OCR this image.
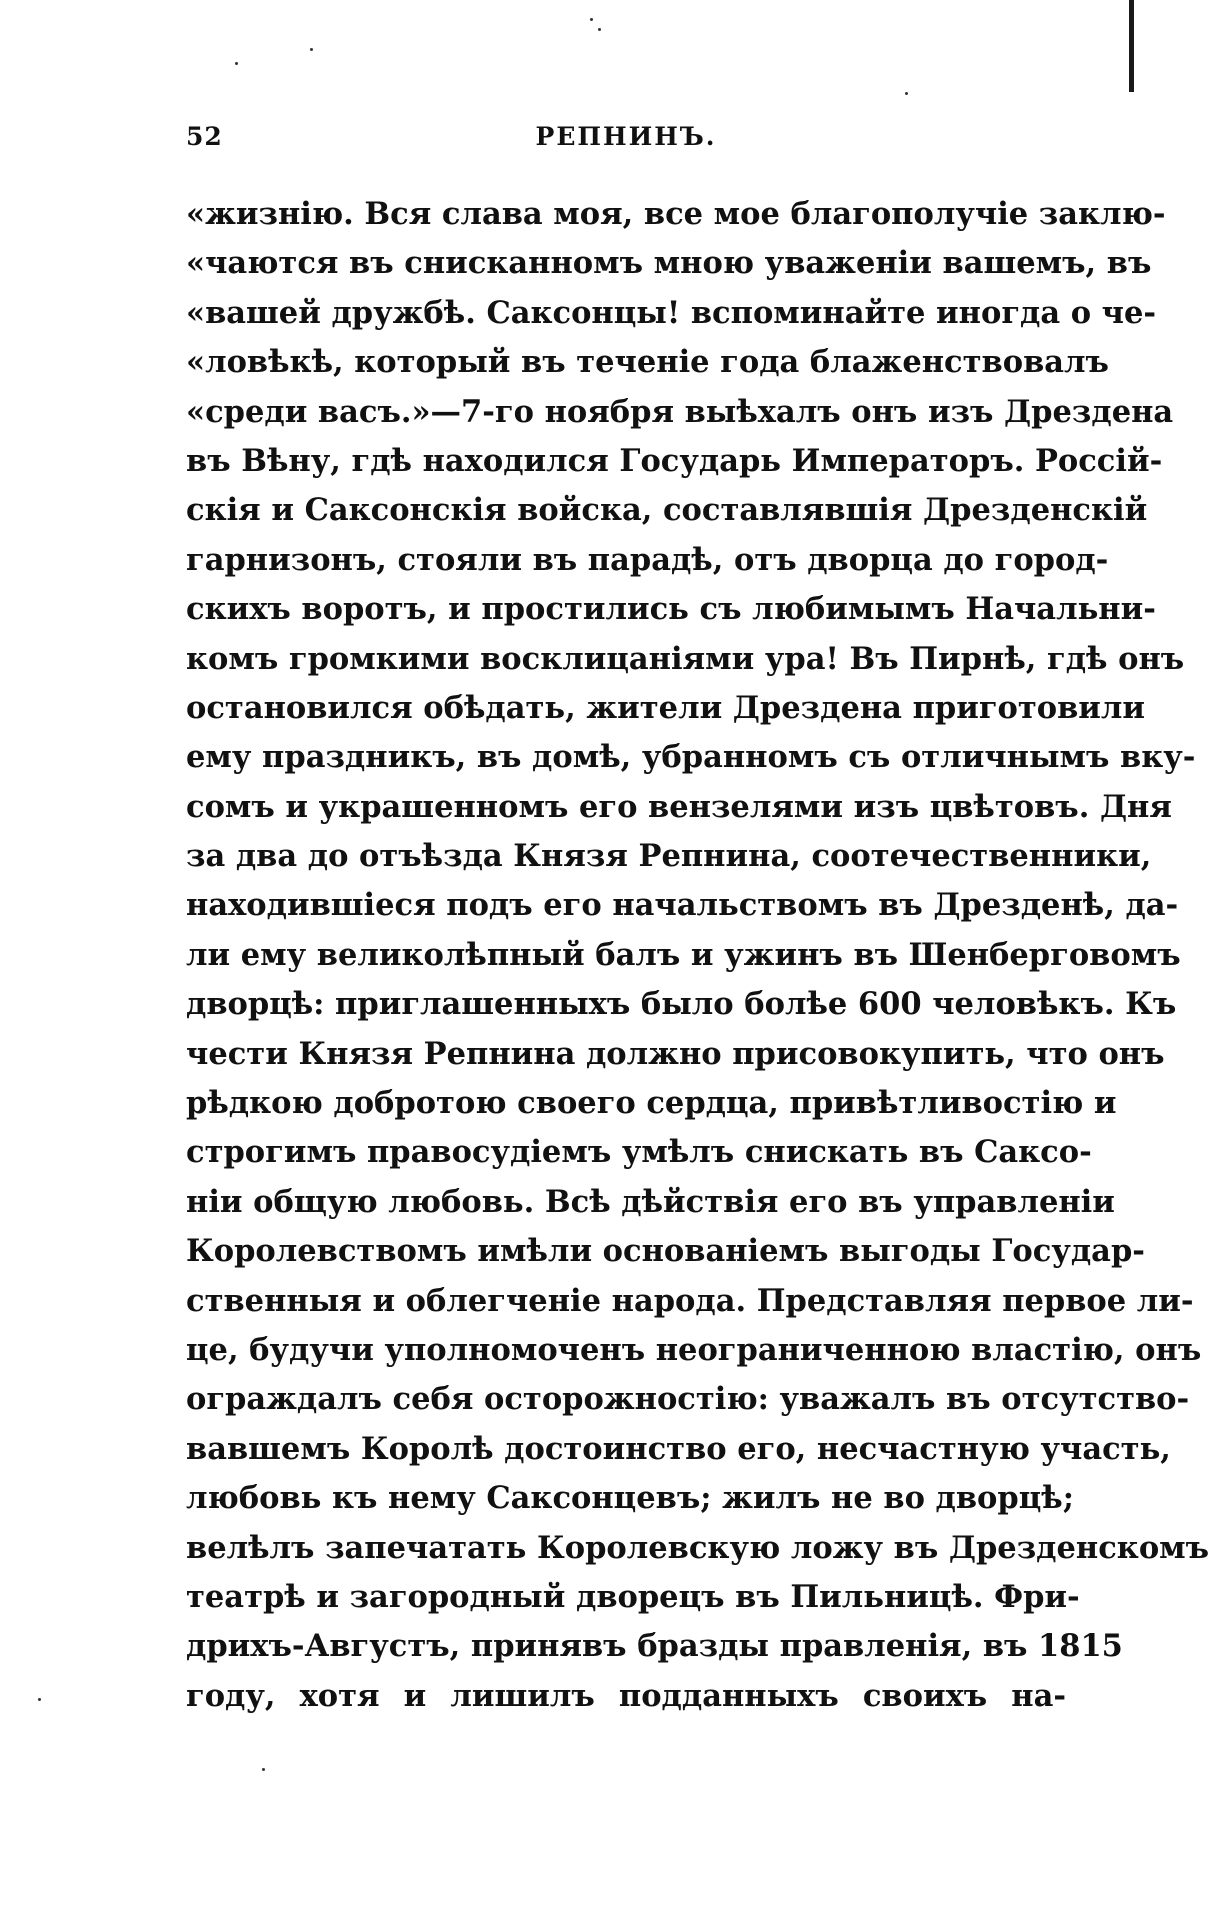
52	РЕПНИНЪ.
«жизнію. Вся слава моя, все мое благополучіе заклю-
«чаются въ снисканномъ мною уваженіи вашемъ, въ
«вашей дружбѣ. Саксонцы! вспоминайте иногда о че-
«ловѣкѣ, который въ теченіе года блаженствовалъ
«среди васъ.»—7-го ноября выѣхалъ онъ изъ Дрездена
въ Вѣну, гдѣ находился Государь Императоръ. Россій-
скія и Саксонскія войска, составлявшія Дрезденскій
гарнизонъ, стояли въ парадѣ, отъ дворца до город-
скихъ воротъ, и простились съ любимымъ Начальни-
комъ громкими восклицаніями ура! Въ Пирнѣ, гдѣ онъ
остановился обѣдать, жители Дрездена приготовили
ему праздникъ, въ домѣ, убранномъ съ отличнымъ вку-
сомъ и украшенномъ его вензелями изъ цвѣтовъ. Дня
за два до отъѣзда Князя Репнина, соотечественники,
находившіеся подъ его начальствомъ въ Дрезденѣ, да-
ли ему великолѣпный балъ и ужинъ въ Шенберговомъ
дворцѣ: приглашенныхъ было болѣе 600 человѣкъ. Къ
чести Князя Репнина должно присовокупить, что онъ
рѣдкою добротою своего сердца, привѣтливостію и
строгимъ правосудіемъ умѣлъ снискать въ Саксо-
ніи общую любовь. Всѣ дѣйствія его въ управленіи
Королевствомъ имѣли основаніемъ выгоды Государ-
ственныя и облегченіе народа. Представляя первое ли-
це, будучи уполномоченъ неограниченною властію, онъ
ограждалъ себя осторожностію: уважалъ въ отсутство-
вавшемъ Королѣ достоинство его, несчастную участь,
любовь къ нему Саксонцевъ; жилъ не во дворцѣ;
велѣлъ запечатать Королевскую ложу въ Дрезденскомъ
театрѣ и загородный дворецъ въ Пильницѣ. Фри-
дрихъ-Августъ, принявъ бразды правленія, въ 1815
году, хотя и лишилъ подданныхъ своихъ на-
